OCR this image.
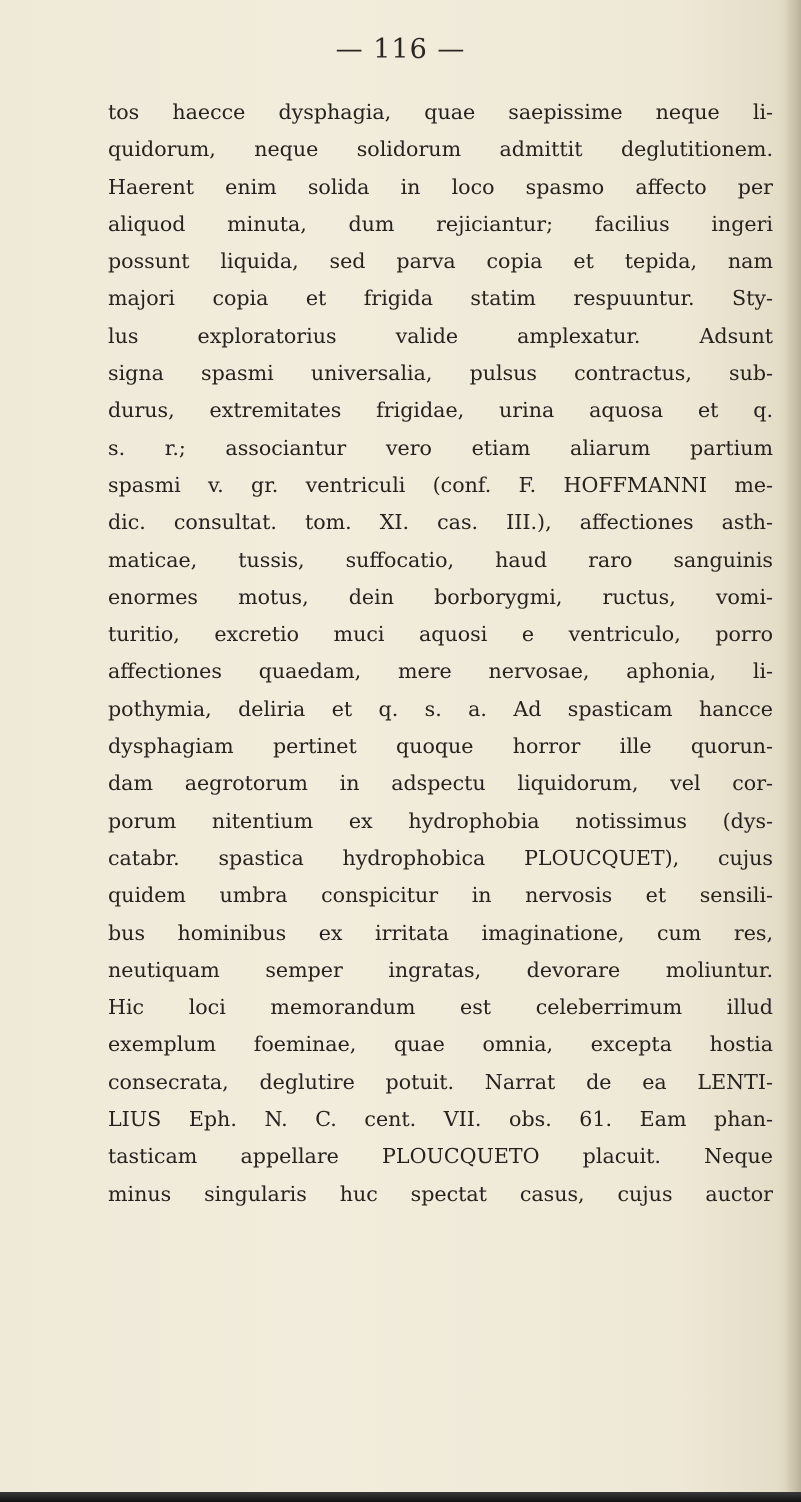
— 116 —
tos haecce dysphagia, quae saepissime neque li-
quidorum, neque solidorum admittit deglutitionem.
Haerent enim solida in loco spasmo affecto per
aliquod minuta, dum rejiciantur; facilius ingeri
possunt liquida, sed parva copia et tepida, nam
majori copia et frigida statim respuuntur. Sty-
lus exploratorius valide amplexatur. Adsunt
signa spasmi universalia, pulsus contractus, sub-
durus, extremitates frigidae, urina aquosa et q.
s. r.; associantur vero etiam aliarum partium
spasmi v. gr. ventriculi (conf. F. HOFFMANNI me-
dic. consultat. tom. XI. cas. III.), affectiones asth-
maticae, tussis, suffocatio, haud raro sanguinis
enormes motus, dein borborygmi, ructus, vomi-
turitio, excretio muci aquosi e ventriculo, porro
affectiones quaedam, mere nervosae, aphonia, li-
pothymia, deliria et q. s. a. Ad spasticam hancce
dysphagiam pertinet quoque horror ille quorun-
dam aegrotorum in adspectu liquidorum, vel cor-
porum nitentium ex hydrophobia notissimus (dys-
catabr. spastica hydrophobica PLOUCQUET), cujus
quidem umbra conspicitur in nervosis et sensili-
bus hominibus ex irritata imaginatione, cum res,
neutiquam semper ingratas, devorare moliuntur.
Hic loci memorandum est celeberrimum illud
exemplum foeminae, quae omnia, excepta hostia
consecrata, deglutire potuit. Narrat de ea LENTI-
LIUS Eph. N. C. cent. VII. obs. 61. Eam phan-
tasticam appellare PLOUCQUETO placuit. Neque
minus singularis huc spectat casus, cujus auctor
